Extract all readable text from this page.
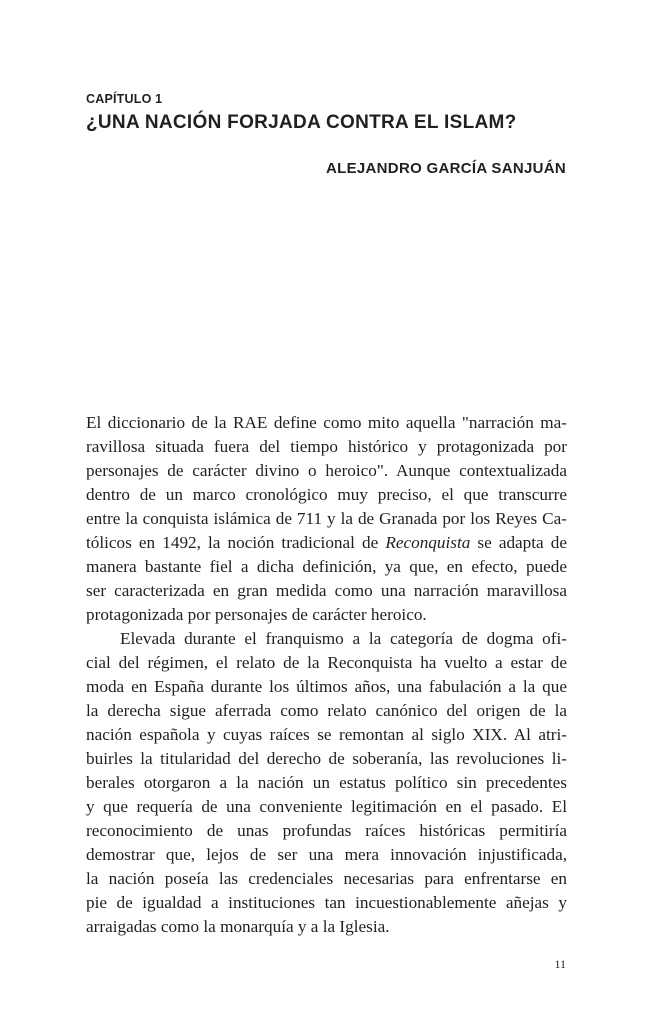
CAPÍTULO 1

¿UNA NACIÓN FORJADA CONTRA EL ISLAM?

ALEJANDRO GARCÍA SANJUÁN

El diccionario de la RAE define como mito aquella "narración ma-
ravillosa situada fuera del tiempo histórico y protagonizada por
personajes de carácter divino o heroico". Aunque contextualizada
dentro de un marco cronológico muy preciso, el que transcurre
entre la conquista islámica de 711 y la de Granada por los Reyes Ca-
tólicos en 1492, la noción tradicional de Reconquista se adapta de
manera bastante fiel a dicha definición, ya que, en efecto, puede
ser caracterizada en gran medida como una narración maravillosa
protagonizada por personajes de carácter heroico.
Elevada durante el franquismo a la categoría de dogma ofi-
cial del régimen, el relato de la Reconquista ha vuelto a estar de
moda en España durante los últimos años, una fabulación a la que
la derecha sigue aferrada como relato canónico del origen de la
nación española y cuyas raíces se remontan al siglo XIX. Al atri-
buirles la titularidad del derecho de soberanía, las revoluciones li-
berales otorgaron a la nación un estatus político sin precedentes
y que requería de una conveniente legitimación en el pasado. El
reconocimiento de unas profundas raíces históricas permitiría
demostrar que, lejos de ser una mera innovación injustificada,
la nación poseía las credenciales necesarias para enfrentarse en
pie de igualdad a instituciones tan incuestionablemente añejas y
arraigadas como la monarquía y a la Iglesia.

11
